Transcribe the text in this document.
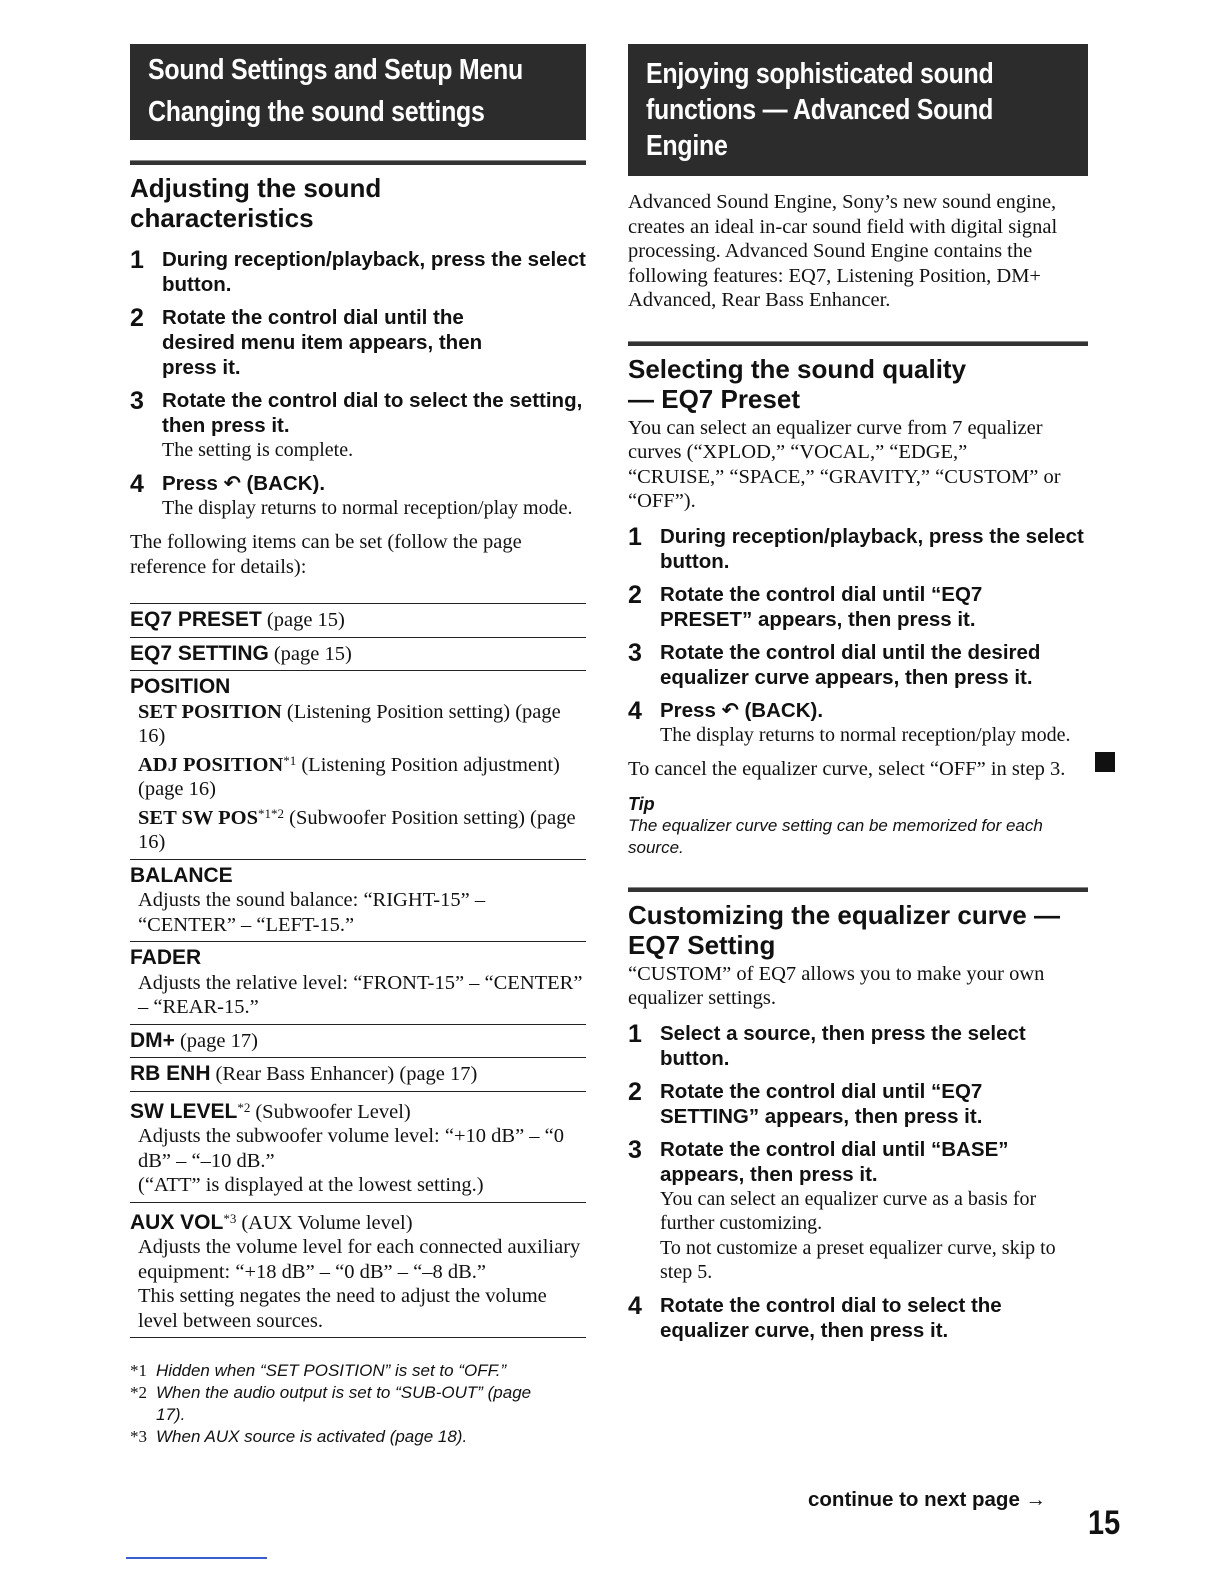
Sound Settings and Setup Menu
Changing the sound settings
Adjusting the sound characteristics
1 During reception/playback, press the select button.
2 Rotate the control dial until the desired menu item appears, then press it.
3 Rotate the control dial to select the setting, then press it.
The setting is complete.
4 Press ↶ (BACK).
The display returns to normal reception/play mode.

The following items can be set (follow the page reference for details):

EQ7 PRESET (page 15)
EQ7 SETTING (page 15)
POSITION
SET POSITION (Listening Position setting) (page 16)
ADJ POSITION$^{*1}$ (Listening Position adjustment) (page 16)
SET SW $POS^{*1*2}$ (Subwoofer Position setting) (page 16)
BALANCE
Adjusts the sound balance: “RIGHT-15” – “CENTER” – “LEFT-15.”
FADER
Adjusts the relative level: “FRONT-15” – “CENTER” – “REAR-15.”
DM+ (page 17)
RB ENH (Rear Bass Enhancer) (page 17)
SW LEVEL$^{*2}$ (Subwoofer Level)
Adjusts the subwoofer volume level: “+10 dB” – “0 dB” – “–10 dB.”
(“ATT” is displayed at the lowest setting.)
AUX VOL$^{*3}$ (AUX Volume level)
Adjusts the volume level for each connected auxiliary equipment: “+18 dB” – “0 dB” – “–8 dB.”
This setting negates the need to adjust the volume level between sources.
*1 Hidden when “SET POSITION” is set to “OFF.”
*2 When the audio output is set to “SUB-OUT” (page 17).
*3 When AUX source is activated (page 18).
Enjoying sophisticated sound
functions — Advanced Sound
Engine

Advanced Sound Engine, Sony’s new sound engine, creates an ideal in-car sound field with digital signal processing. Advanced Sound Engine contains the following features: EQ7, Listening Position, DM+ Advanced, Rear Bass Enhancer.

Selecting the sound quality — EQ7 Preset

You can select an equalizer curve from 7 equalizer curves (“XPLOD,” “VOCAL,” “EDGE,” “CRUISE,” “SPACE,” “GRAVITY,” “CUSTOM” or “OFF”).

1 During reception/playback, press the select button.
2 Rotate the control dial until “EQ7 PRESET” appears, then press it.
3 Rotate the control dial until the desired equalizer curve appears, then press it.
4 Press ↶ (BACK).
The display returns to normal reception/play mode.

To cancel the equalizer curve, select “OFF” in step 3.

Tip
The equalizer curve setting can be memorized for each source.
Customizing the equalizer curve — EQ7 Setting

“CUSTOM” of EQ7 allows you to make your own equalizer settings.

1 Select a source, then press the select button.
2 Rotate the control dial until “EQ7 SETTING” appears, then press it.
3 Rotate the control dial until “BASE” appears, then press it.
You can select an equalizer curve as a basis for further customizing.
To not customize a preset equalizer curve, skip to step 5.
4 Rotate the control dial to select the equalizer curve, then press it.
continue to next page →
15
